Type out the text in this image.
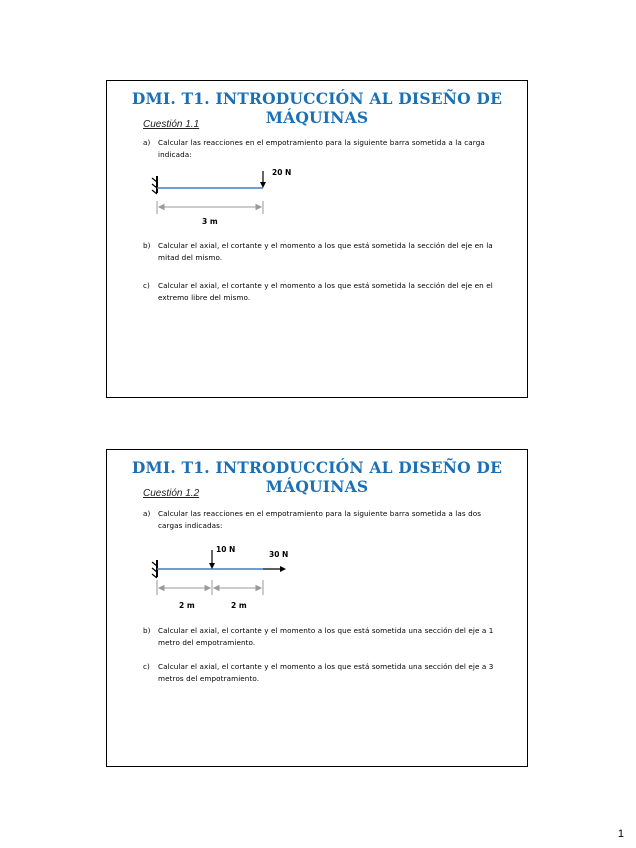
DMI. T1. INTRODUCCIÓN AL DISEÑO DE
MÁQUINAS
Cuestión 1.1
a) Calcular las reacciones en el empotramiento para la siguiente barra sometida a la carga indicada:
20 N
3 m
b) Calcular el axial, el cortante y el momento a los que está sometida la sección del eje en la mitad del mismo.
c) Calcular el axial, el cortante y el momento a los que está sometida la sección del eje en el extremo libre del mismo.
DMI. T1. INTRODUCCIÓN AL DISEÑO DE
MÁQUINAS
Cuestión 1.2
a) Calcular las reacciones en el empotramiento para la siguiente barra sometida a las dos cargas indicadas:
10 N
30 N
2 m	2 m
b) Calcular el axial, el cortante y el momento a los que está sometida una sección del eje a 1 metro del empotramiento.
c) Calcular el axial, el cortante y el momento a los que está sometida una sección del eje a 3 metros del empotramiento.
1
